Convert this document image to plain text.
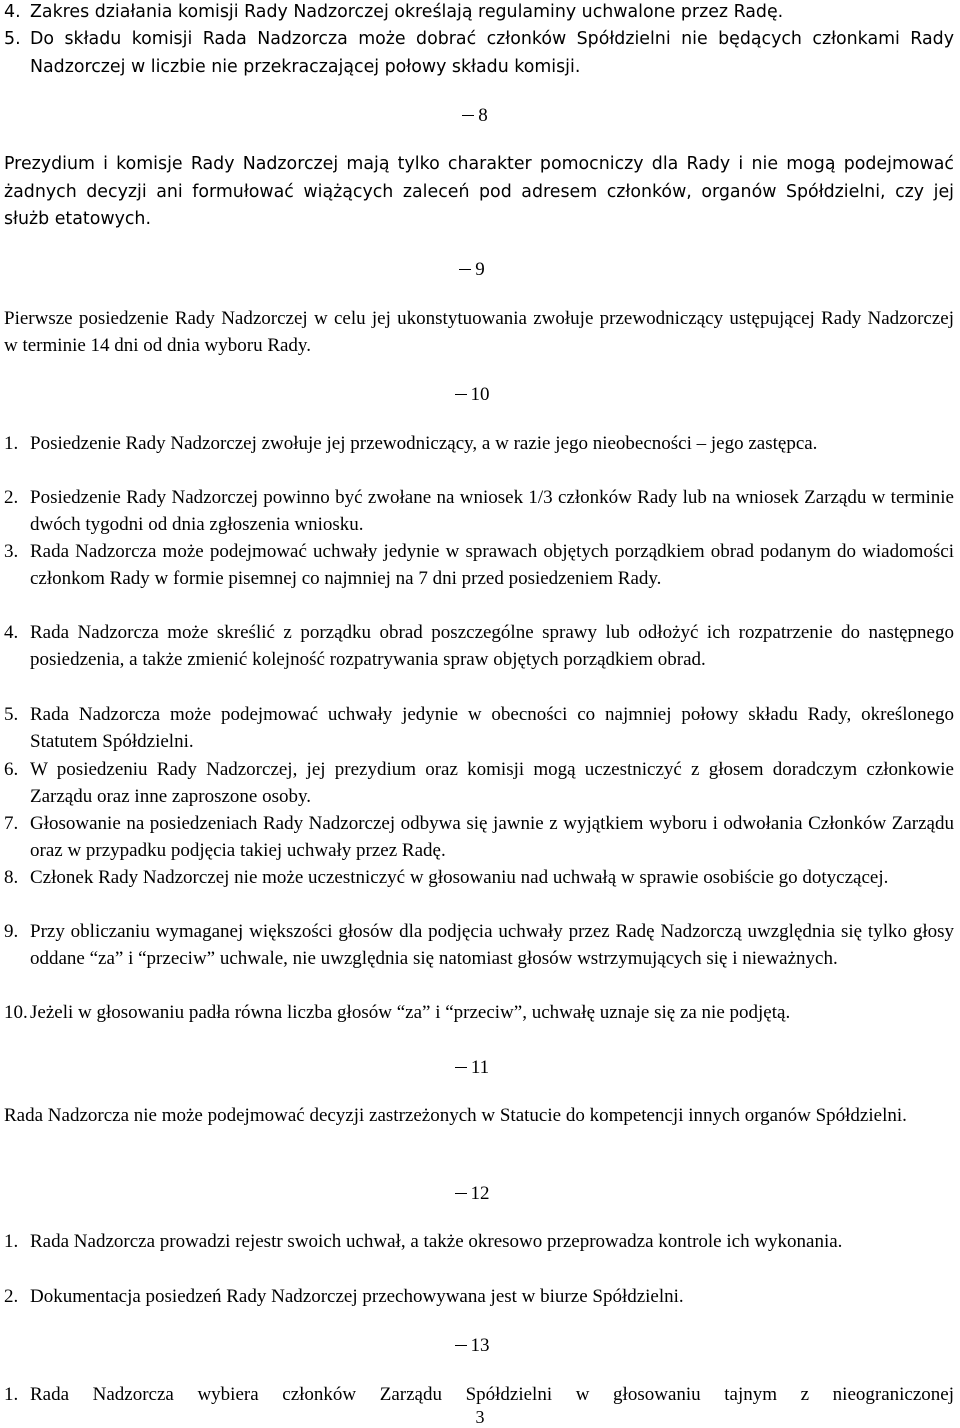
4. Zakres działania komisji Rady Nadzorczej określają regulaminy uchwalone przez Radę.
5. Do składu komisji Rada Nadzorcza może dobrać członków Spółdzielni nie będących członkami Rady Nadzorczej w liczbie nie przekraczającej połowy składu komisji.
8
Prezydium i komisje Rady Nadzorczej mają tylko charakter pomocniczy dla Rady i nie mogą podejmować żadnych decyzji ani formułować wiążących zaleceń pod adresem członków, organów Spółdzielni, czy jej służb etatowych.
9
Pierwsze posiedzenie Rady Nadzorczej w celu jej ukonstytuowania zwołuje przewodniczący ustępującej Rady Nadzorczej w terminie 14 dni od dnia wyboru Rady.
10
1. Posiedzenie Rady Nadzorczej zwołuje jej przewodniczący, a w razie jego nieobecności – jego zastępca.
2. Posiedzenie Rady Nadzorczej powinno być zwołane na wniosek 1/3 członków Rady lub na wniosek Zarządu w terminie dwóch tygodni od dnia zgłoszenia wniosku.
3. Rada Nadzorcza może podejmować uchwały jedynie w sprawach objętych porządkiem obrad podanym do wiadomości członkom Rady w formie pisemnej co najmniej na 7 dni przed posiedzeniem Rady.
4. Rada Nadzorcza może skreślić z porządku obrad poszczególne sprawy lub odłożyć ich rozpatrzenie do następnego posiedzenia, a także zmienić kolejność rozpatrywania spraw objętych porządkiem obrad.
5. Rada Nadzorcza może podejmować uchwały jedynie w obecności co najmniej połowy składu Rady, określonego Statutem Spółdzielni.
6. W posiedzeniu Rady Nadzorczej, jej prezydium oraz komisji mogą uczestniczyć z głosem doradczym członkowie Zarządu oraz inne zaproszone osoby.
7. Głosowanie na posiedzeniach Rady Nadzorczej odbywa się jawnie z wyjątkiem wyboru i odwołania Członków Zarządu oraz w przypadku podjęcia takiej uchwały przez Radę.
8. Członek Rady Nadzorczej nie może uczestniczyć w głosowaniu nad uchwałą w sprawie osobiście go dotyczącej.
9. Przy obliczaniu wymaganej większości głosów dla podjęcia uchwały przez Radę Nadzorczą uwzględnia się tylko głosy oddane “za” i “przeciw” uchwale, nie uwzględnia się natomiast głosów wstrzymujących się i nieważnych.
10. Jeżeli w głosowaniu padła równa liczba głosów “za” i “przeciw”, uchwałę uznaje się za nie podjętą.
11
Rada Nadzorcza nie może podejmować decyzji zastrzeżonych w Statucie do kompetencji innych organów Spółdzielni.
12
1. Rada Nadzorcza prowadzi rejestr swoich uchwał, a także okresowo przeprowadza kontrole ich wykonania.
2. Dokumentacja posiedzeń Rady Nadzorczej przechowywana jest w biurze Spółdzielni.
13
1. Rada Nadzorcza wybiera członków Zarządu Spółdzielni w głosowaniu tajnym z nieograniczonej
3
